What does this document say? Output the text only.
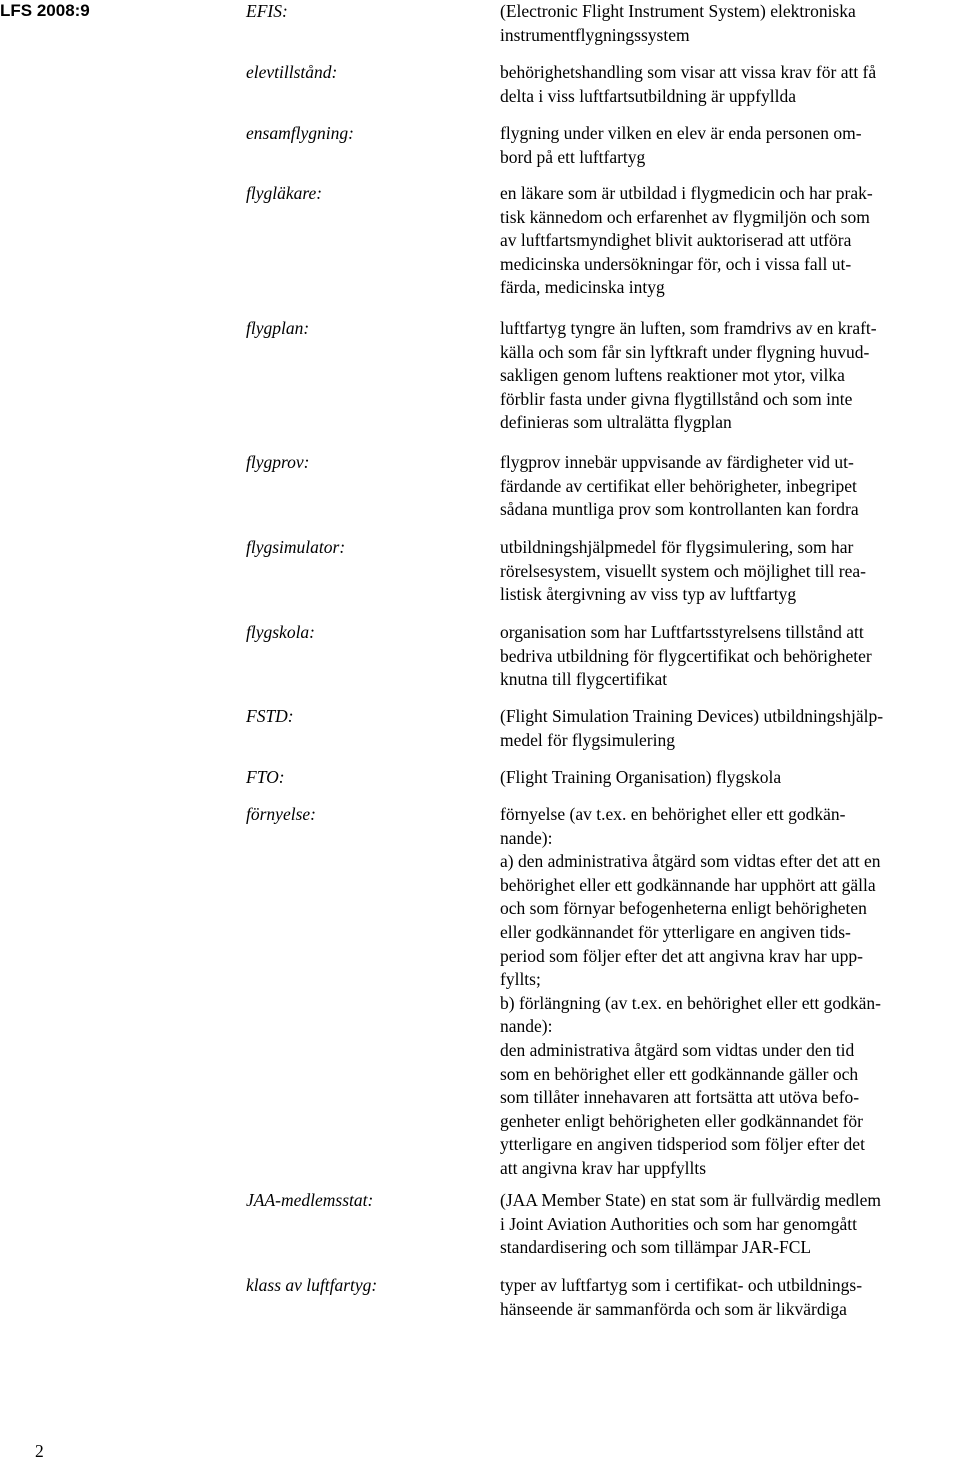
LFS 2008:9	EFIS:	(Electronic Flight Instrument System) elektroniska
instrumentflygningssystem
elevtillstånd:	behörighetshandling som visar att vissa krav för att få
delta i viss luftfartsutbildning är uppfyllda
ensamflygning:	flygning under vilken en elev är enda personen om-
bord på ett luftfartyg
flygläkare:	en läkare som är utbildad i flygmedicin och har prak-
tisk kännedom och erfarenhet av flygmiljön och som
av luftfartsmyndighet blivit auktoriserad att utföra
medicinska undersökningar för, och i vissa fall ut-
färda, medicinska intyg
flygplan:	luftfartyg tyngre än luften, som framdrivs av en kraft-
källa och som får sin lyftkraft under flygning huvud-
sakligen genom luftens reaktioner mot ytor, vilka
förblir fasta under givna flygtillstånd och som inte
definieras som ultralätta flygplan
flygprov:	flygprov innebär uppvisande av färdigheter vid ut-
färdande av certifikat eller behörigheter, inbegripet
sådana muntliga prov som kontrollanten kan fordra
flygsimulator:	utbildningshjälpmedel för flygsimulering, som har
rörelsesystem, visuellt system och möjlighet till rea-
listisk återgivning av viss typ av luftfartyg
flygskola:	organisation som har Luftfartsstyrelsens tillstånd att
bedriva utbildning för flygcertifikat och behörigheter
knutna till flygcertifikat
FSTD:	(Flight Simulation Training Devices) utbildningshjälp-
medel för flygsimulering
FTO:	(Flight Training Organisation) flygskola
förnyelse:	förnyelse (av t.ex. en behörighet eller ett godkän-
nande):
a) den administrativa åtgärd som vidtas efter det att en
behörighet eller ett godkännande har upphört att gälla
och som förnyar befogenheterna enligt behörigheten
eller godkännandet för ytterligare en angiven tids-
period som följer efter det att angivna krav har upp-
fyllts;
b) förlängning (av t.ex. en behörighet eller ett godkän-
nande):
den administrativa åtgärd som vidtas under den tid
som en behörighet eller ett godkännande gäller och
som tillåter innehavaren att fortsätta att utöva befo-
genheter enligt behörigheten eller godkännandet för
ytterligare en angiven tidsperiod som följer efter det
att angivna krav har uppfyllts
JAA-medlemsstat:	(JAA Member State) en stat som är fullvärdig medlem
i Joint Aviation Authorities och som har genomgått
standardisering och som tillämpar JAR-FCL
klass av luftfartyg:	typer av luftfartyg som i certifikat- och utbildnings-
hänseende är sammanförda och som är likvärdiga
2
